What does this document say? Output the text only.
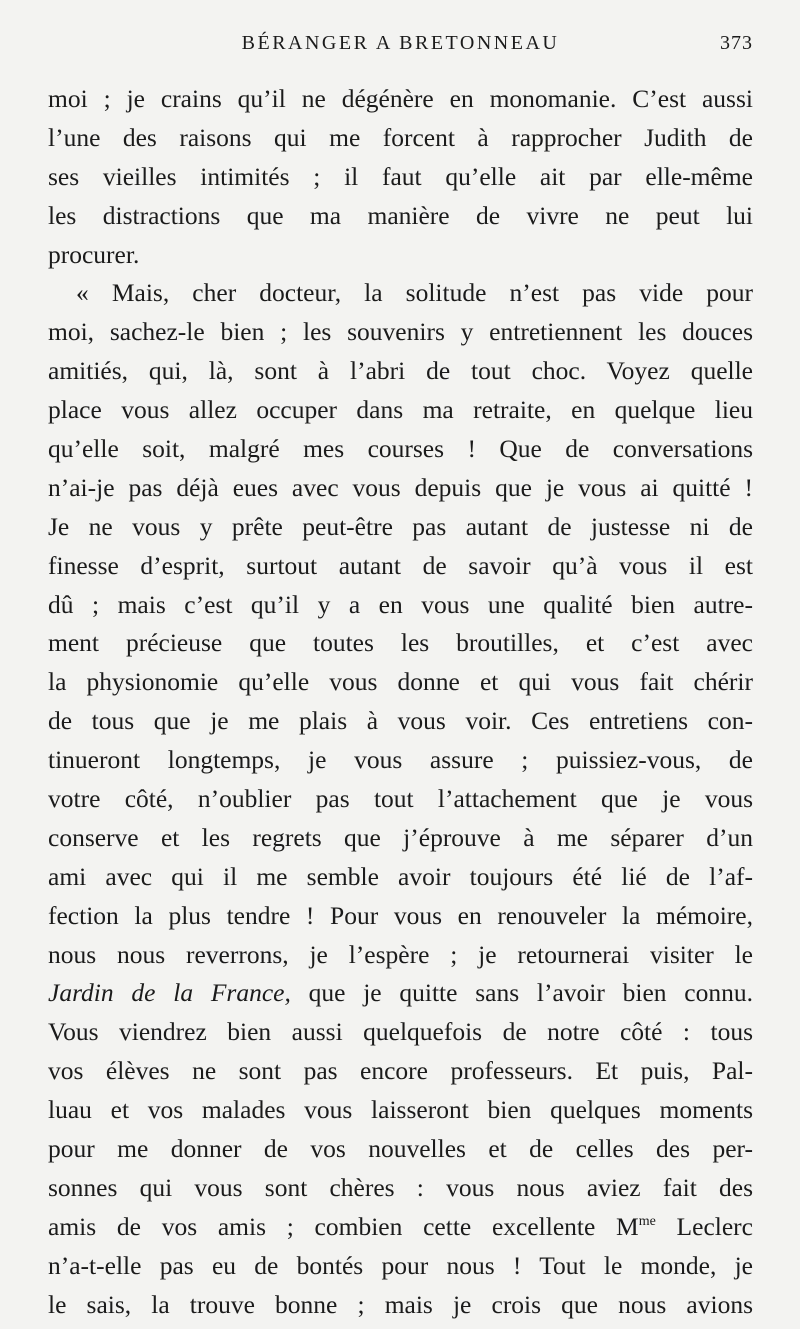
BÉRANGER A BRETONNEAU	373
moi ; je crains qu’il ne dégénère en monomanie. C’est aussi
l’une des raisons qui me forcent à rapprocher Judith de
ses vieilles intimités ; il faut qu’elle ait par elle-même
les distractions que ma manière de vivre ne peut lui
procurer.
« Mais, cher docteur, la solitude n’est pas vide pour
moi, sachez-le bien ; les souvenirs y entretiennent les douces
amitiés, qui, là, sont à l’abri de tout choc. Voyez quelle
place vous allez occuper dans ma retraite, en quelque lieu
qu’elle soit, malgré mes courses ! Que de conversations
n’ai-je pas déjà eues avec vous depuis que je vous ai quitté !
Je ne vous y prête peut-être pas autant de justesse ni de
finesse d’esprit, surtout autant de savoir qu’à vous il est
dû ; mais c’est qu’il y a en vous une qualité bien autre-
ment précieuse que toutes les broutilles, et c’est avec
la physionomie qu’elle vous donne et qui vous fait chérir
de tous que je me plais à vous voir. Ces entretiens con-
tinueront longtemps, je vous assure ; puissiez-vous, de
votre côté, n’oublier pas tout l’attachement que je vous
conserve et les regrets que j’éprouve à me séparer d’un
ami avec qui il me semble avoir toujours été lié de l’af-
fection la plus tendre ! Pour vous en renouveler la mémoire,
nous nous reverrons, je l’espère ; je retournerai visiter le
Jardin de la France, que je quitte sans l’avoir bien connu.
Vous viendrez bien aussi quelquefois de notre côté : tous
vos élèves ne sont pas encore professeurs. Et puis, Pal-
luau et vos malades vous laisseront bien quelques moments
pour me donner de vos nouvelles et de celles des per-
sonnes qui vous sont chères : vous nous aviez fait des
amis de vos amis ; combien cette excellente $M^{me}$ Leclerc
n’a-t-elle pas eu de bontés pour nous ! Tout le monde, je
le sais, la trouve bonne ; mais je crois que nous avions
